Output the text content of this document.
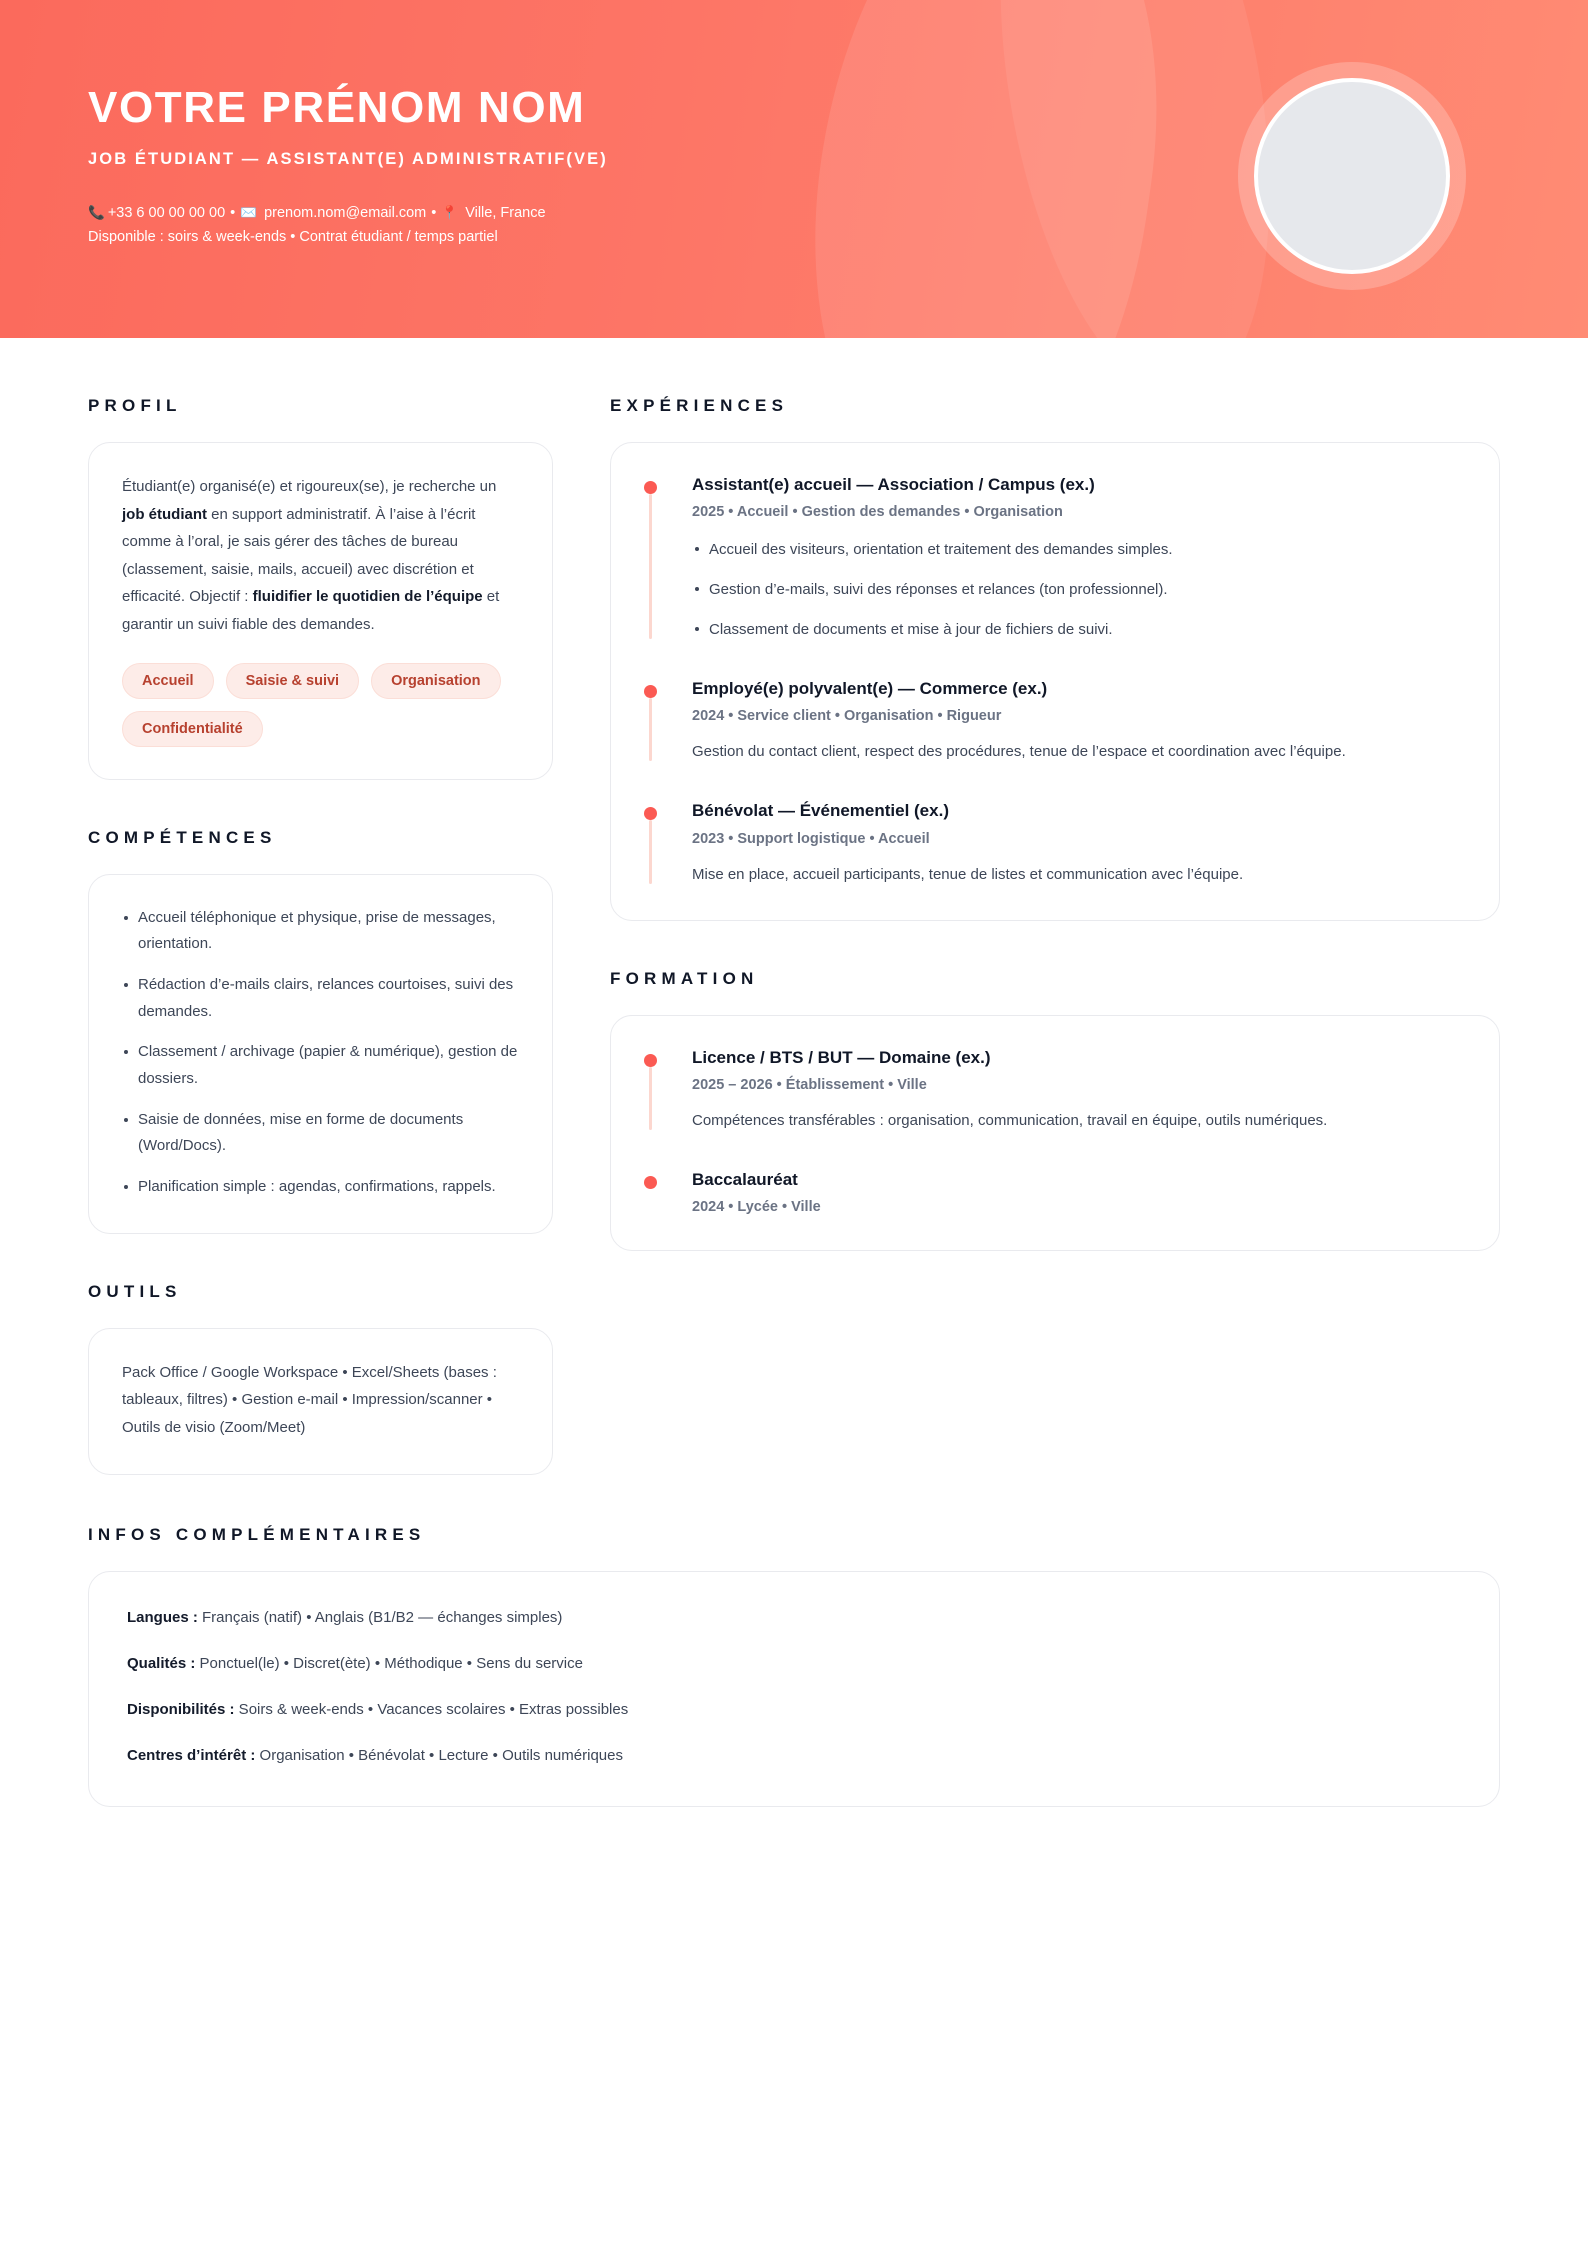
VOTRE PRÉNOM NOM
JOB ÉTUDIANT — ASSISTANT(E) ADMINISTRATIF(VE)
📞 +33 6 00 00 00 00 • ✉️ prenom.nom@email.com • 📍 Ville, France
Disponible : soirs & week-ends • Contrat étudiant / temps partiel
PROFIL

Étudiant(e) organisé(e) et rigoureux(se), je recherche un job étudiant en support administratif. À l’aise à l’écrit comme à l’oral, je sais gérer des tâches de bureau (classement, saisie, mails, accueil) avec discrétion et efficacité. Objectif : fluidifier le quotidien de l’équipe et garantir un suivi fiable des demandes.

Accueil	Saisie & suivi	Organisation
Confidentialité
COMPÉTENCES
Accueil téléphonique et physique, prise de messages, orientation.
Rédaction d’e-mails clairs, relances courtoises, suivi des demandes.
Classement / archivage (papier & numérique), gestion de dossiers.
Saisie de données, mise en forme de documents (Word/Docs).
Planification simple : agendas, confirmations, rappels.
OUTILS
Pack Office / Google Workspace • Excel/Sheets (bases : tableaux, filtres) • Gestion e-mail • Impression/scanner • Outils de visio (Zoom/Meet)
EXPÉRIENCES
Assistant(e) accueil — Association / Campus (ex.)
2025 • Accueil • Gestion des demandes • Organisation
Accueil des visiteurs, orientation et traitement des demandes simples.
Gestion d’e-mails, suivi des réponses et relances (ton professionnel).
Classement de documents et mise à jour de fichiers de suivi.
Employé(e) polyvalent(e) — Commerce (ex.)
2024 • Service client • Organisation • Rigueur
Gestion du contact client, respect des procédures, tenue de l’espace et coordination avec l’équipe.
Bénévolat — Événementiel (ex.)
2023 • Support logistique • Accueil
Mise en place, accueil participants, tenue de listes et communication avec l’équipe.
FORMATION
Licence / BTS / BUT — Domaine (ex.)
2025 – 2026 • Établissement • Ville
Compétences transférables : organisation, communication, travail en équipe, outils numériques.
Baccalauréat
2024 • Lycée • Ville
INFOS COMPLÉMENTAIRES
Langues : Français (natif) • Anglais (B1/B2 — échanges simples)
Qualités : Ponctuel(le) • Discret(ète) • Méthodique • Sens du service
Disponibilités : Soirs & week-ends • Vacances scolaires • Extras possibles
Centres d’intérêt : Organisation • Bénévolat • Lecture • Outils numériques
